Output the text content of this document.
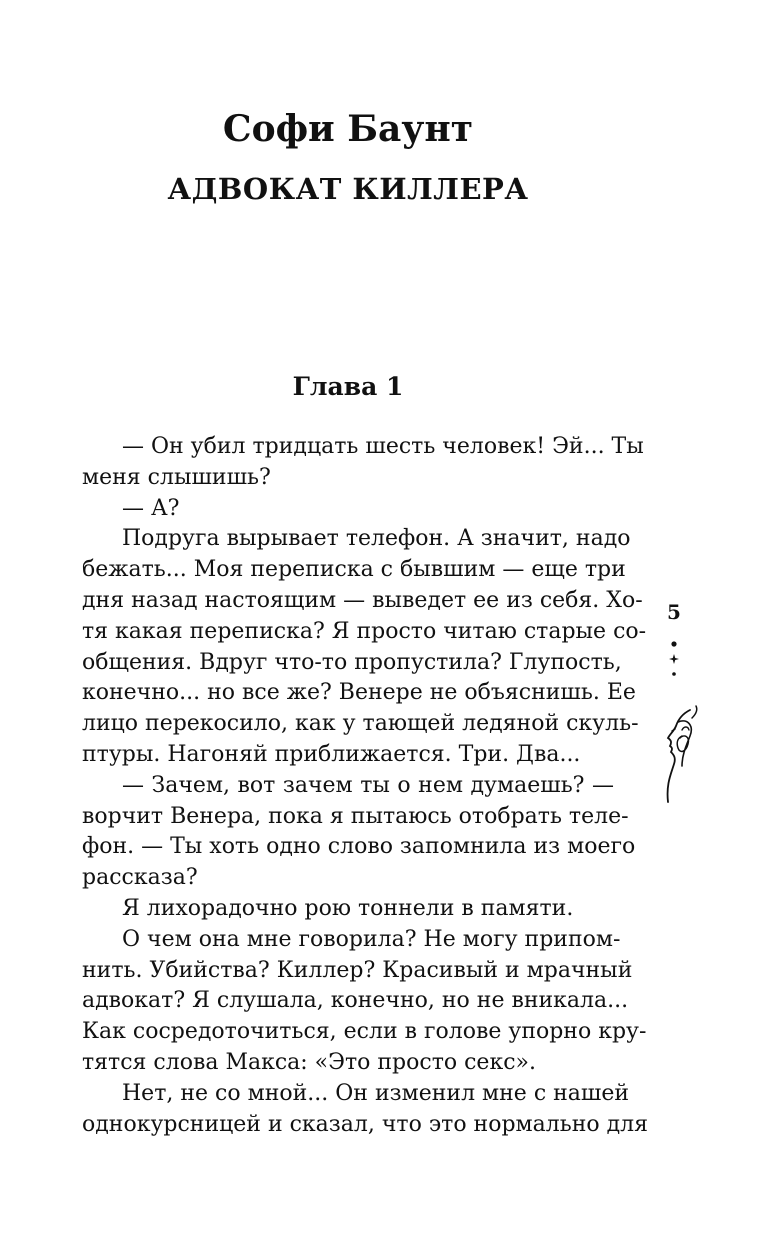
Софи Баунт
АДВОКАТ КИЛЛЕРА
Глава 1
— Он убил тридцать шесть человек! Эй... Ты
меня слышишь?
— А?
Подруга вырывает телефон. А значит, надо
бежать... Моя переписка с бывшим — еще три
дня назад настоящим — выведет ее из себя. Хо-
тя какая переписка? Я просто читаю старые со-
общения. Вдруг что-то пропустила? Глупость,
конечно... но все же? Венере не объяснишь. Ее
лицо перекосило, как у тающей ледяной скуль-
птуры. Нагоняй приближается. Три. Два...
— Зачем, вот зачем ты о нем думаешь? —
ворчит Венера, пока я пытаюсь отобрать теле-
фон. — Ты хоть одно слово запомнила из моего
рассказа?
Я лихорадочно рою тоннели в памяти.
О чем она мне говорила? Не могу припом-
нить. Убийства? Киллер? Красивый и мрачный
адвокат? Я слушала, конечно, но не вникала...
Как сосредоточиться, если в голове упорно кру-
тятся слова Макса: «Это просто секс».
Нет, не со мной... Он изменил мне с нашей
однокурсницей и сказал, что это нормально для
5
